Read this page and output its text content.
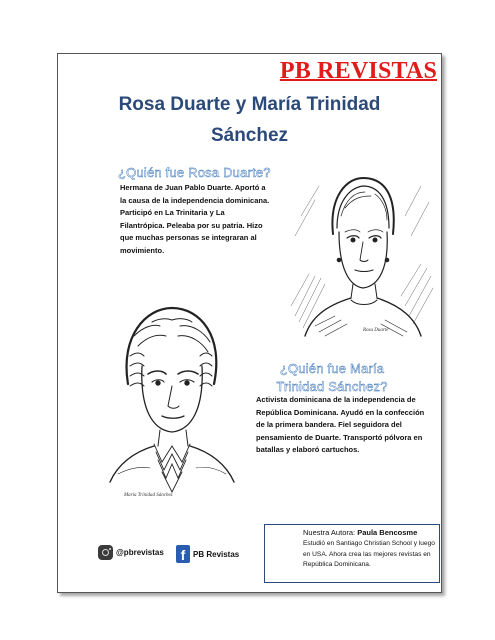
PB REVISTAS
Rosa Duarte y María Trinidad
Sánchez
¿Quién fue Rosa Duarte?
Hermana de Juan Pablo Duarte. Aportó a la causa de la independencia dominicana. Participó en La Trinitaria y La Filantrópica. Peleaba por su patria. Hizo que muchas personas se integraran al movimiento.
Rosa Duarte
María Trinidad Sánchez
¿Quién fue María Trinidad Sánchez?
Activista dominicana de la independencia de República Dominicana. Ayudó en la confección de la primera bandera. Fiel seguidora del pensamiento de Duarte. Transportó pólvora en batallas y elaboró cartuchos.
@pbrevistas	f PB Revistas
Nuestra Autora: Paula Bencosme
Estudió en Santiago Christian School y luego en USA. Ahora crea las mejores revistas en República Dominicana.
